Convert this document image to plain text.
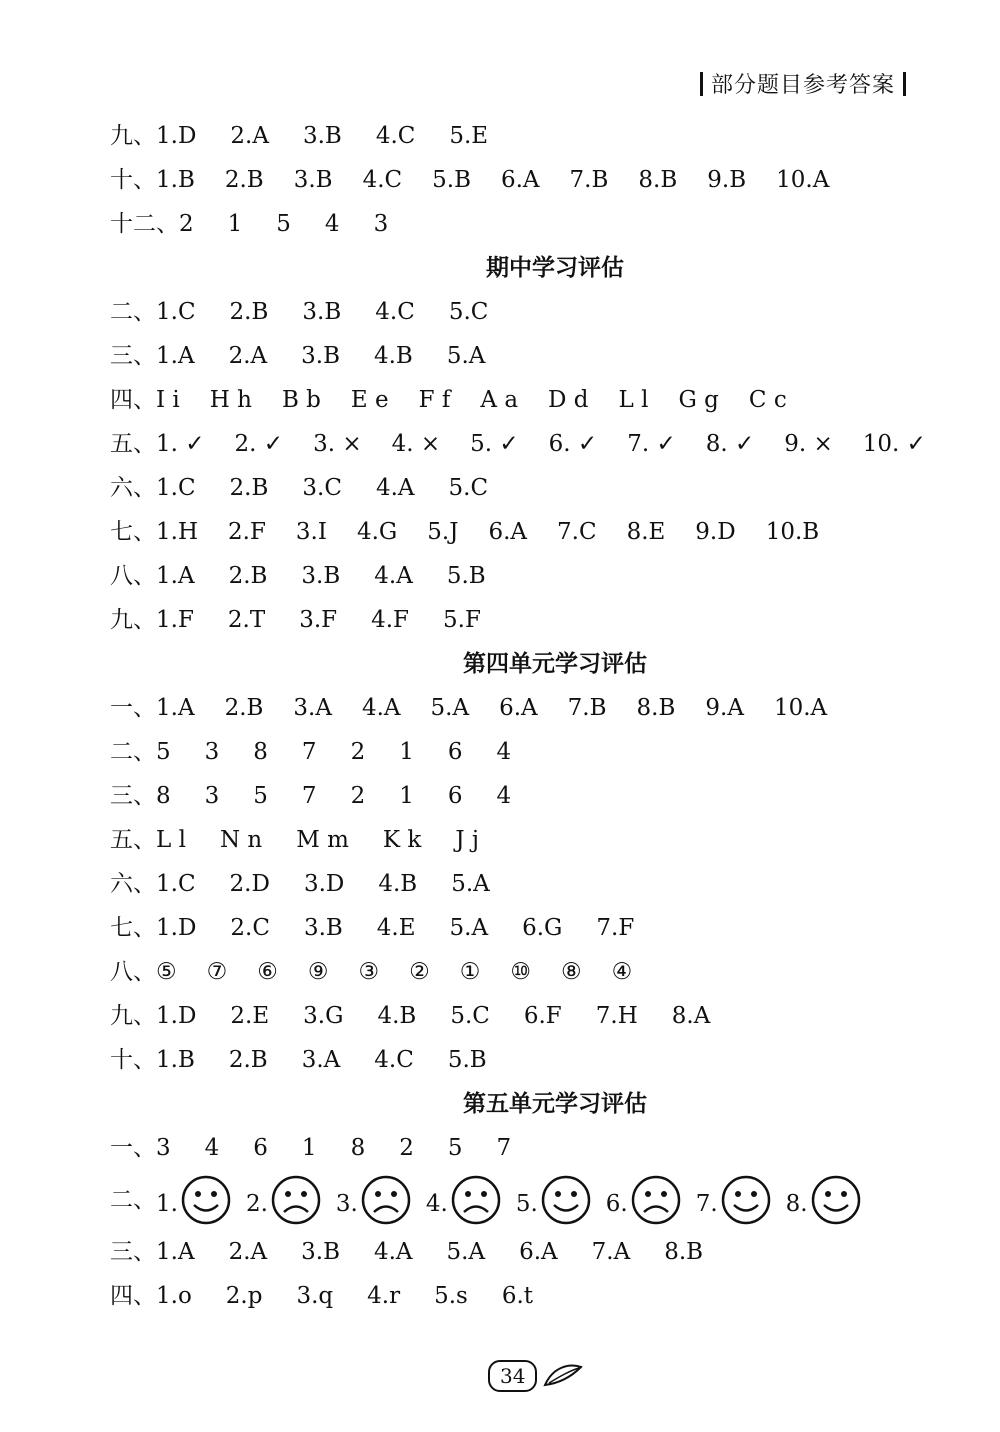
部分题目参考答案
九、1.D 2.A 3.B 4.C 5.E
十、1.B 2.B 3.B 4.C 5.B 6.A 7.B 8.B 9.B 10.A
十二、2 1 5 4 3
期中学习评估
二、1.C 2.B 3.B 4.C 5.C
三、1.A 2.A 3.B 4.B 5.A
四、I i H h B b E e F f A a D d L l G g C c
五、1. ✓ 2. ✓ 3. × 4. × 5. ✓ 6. ✓ 7. ✓ 8. ✓ 9. × 10. ✓
六、1.C 2.B 3.C 4.A 5.C
七、1.H 2.F 3.I 4.G 5.J 6.A 7.C 8.E 9.D 10.B
八、1.A 2.B 3.B 4.A 5.B
九、1.F 2.T 3.F 4.F 5.F
第四单元学习评估
一、1.A 2.B 3.A 4.A 5.A 6.A 7.B 8.B 9.A 10.A
二、5 3 8 7 2 1 6 4
三、8 3 5 7 2 1 6 4
五、L l N n M m K k J j
六、1.C 2.D 3.D 4.B 5.A
七、1.D 2.C 3.B 4.E 5.A 6.G 7.F
八、⑤ ⑦ ⑥ ⑨ ③ ② ① ⑩ ⑧ ④
九、1.D 2.E 3.G 4.B 5.C 6.F 7.H 8.A
十、1.B 2.B 3.A 4.C 5.B
第五单元学习评估
一、3 4 6 1 8 2 5 7
二、 1.	2.	3.	4.	5.	6.	7.	8.
三、1.A 2.A 3.B 4.A 5.A 6.A 7.A 8.B
四、1.o 2.p 3.q 4.r 5.s 6.t
34
